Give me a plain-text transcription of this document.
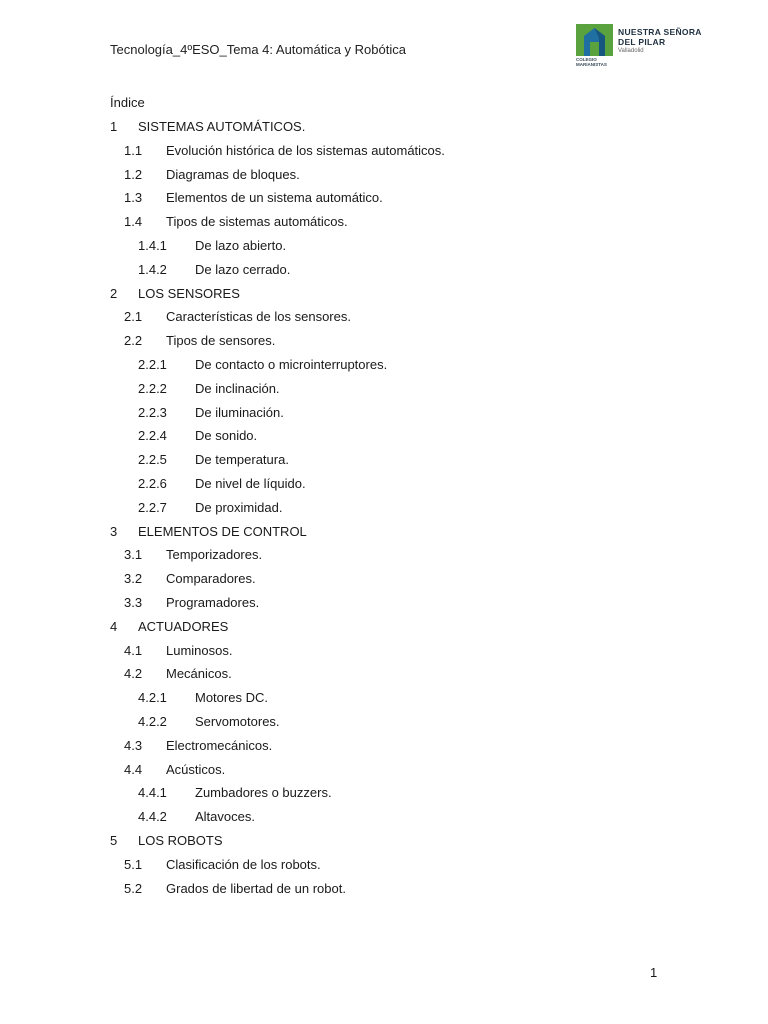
Tecnología_4ºESO_Tema 4: Automática y Robótica
NUESTRA SEÑORA
DEL PILAR
Valladolid
COLEGIO
MARIANISTAS
Índice
1 SISTEMAS AUTOMÁTICOS.
1.1 Evolución histórica de los sistemas automáticos.
1.2 Diagramas de bloques.
1.3 Elementos de un sistema automático.
1.4 Tipos de sistemas automáticos.
1.4.1 De lazo abierto.
1.4.2 De lazo cerrado.
2 LOS SENSORES
2.1 Características de los sensores.
2.2 Tipos de sensores.
2.2.1 De contacto o microinterruptores.
2.2.2 De inclinación.
2.2.3 De iluminación.
2.2.4 De sonido.
2.2.5 De temperatura.
2.2.6 De nivel de líquido.
2.2.7 De proximidad.
3 ELEMENTOS DE CONTROL
3.1 Temporizadores.
3.2 Comparadores.
3.3 Programadores.
4 ACTUADORES
4.1 Luminosos.
4.2 Mecánicos.
4.2.1 Motores DC.
4.2.2 Servomotores.
4.3 Electromecánicos.
4.4 Acústicos.
4.4.1 Zumbadores o buzzers.
4.4.2 Altavoces.
5 LOS ROBOTS
5.1 Clasificación de los robots.
5.2 Grados de libertad de un robot.
1
